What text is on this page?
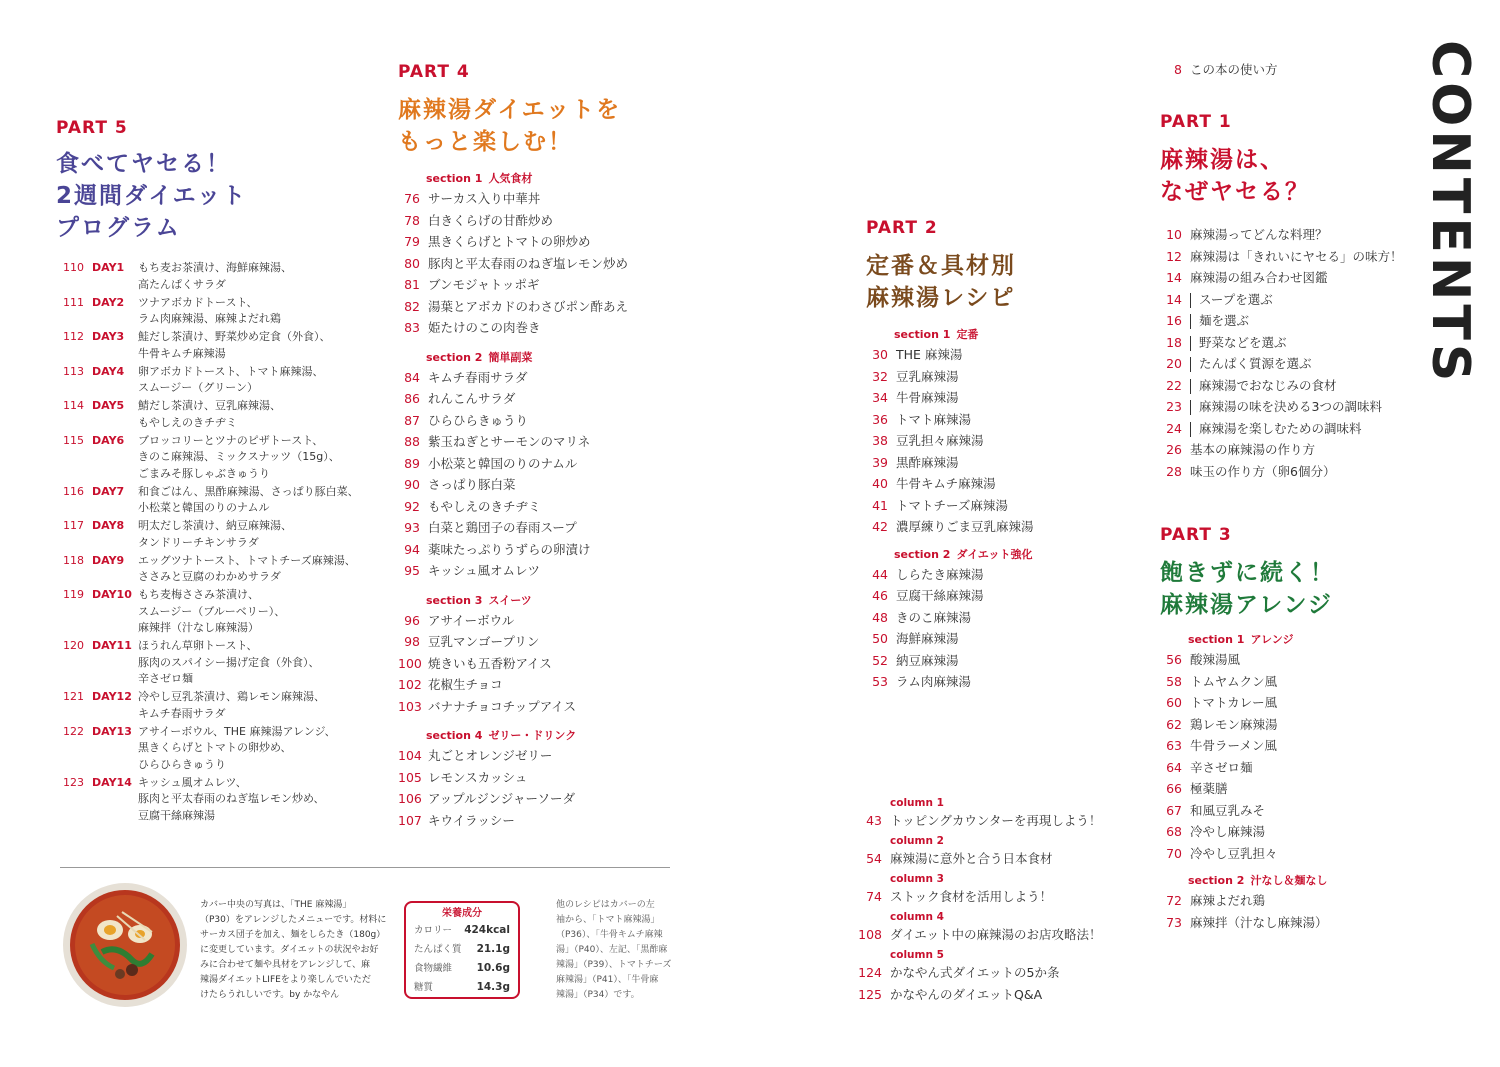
CONTENTS
8 この本の使い方
PART 1
麻辣湯は、
なぜヤセる？
10 麻辣湯ってどんな料理？
12 麻辣湯は「きれいにヤセる」の味方！
14 麻辣湯の組み合わせ図鑑
14 スープを選ぶ
16 麺を選ぶ
18 野菜などを選ぶ
20 たんぱく質源を選ぶ
22 麻辣湯でおなじみの食材
23 麻辣湯の味を決める3つの調味料
24 麻辣湯を楽しむための調味料
26 基本の麻辣湯の作り方
28 味玉の作り方（卵6個分）
PART 3
飽きずに続く！
麻辣湯アレンジ
section 1 アレンジ
56 酸辣湯風
58 トムヤムクン風
60 トマトカレー風
62 鶏レモン麻辣湯
63 牛骨ラーメン風
64 辛さゼロ麺
66 極薬膳
67 和風豆乳みそ
68 冷やし麻辣湯
70 冷やし豆乳担々
section 2 汁なし＆麺なし
72 麻辣よだれ鶏
73 麻辣拌（汁なし麻辣湯）
PART 2
定番＆具材別
麻辣湯レシピ
section 1 定番
30 THE 麻辣湯
32 豆乳麻辣湯
34 牛骨麻辣湯
36 トマト麻辣湯
38 豆乳担々麻辣湯
39 黒酢麻辣湯
40 牛骨キムチ麻辣湯
41 トマトチーズ麻辣湯
42 濃厚練りごま豆乳麻辣湯
section 2 ダイエット強化
44 しらたき麻辣湯
46 豆腐干絲麻辣湯
48 きのこ麻辣湯
50 海鮮麻辣湯
52 納豆麻辣湯
53 ラム肉麻辣湯
column 1
43 トッピングカウンターを再現しよう！
column 2
54 麻辣湯に意外と合う日本食材
column 3
74 ストック食材を活用しよう！
column 4
108 ダイエット中の麻辣湯のお店攻略法！
column 5
124 かなやん式ダイエットの5か条
125 かなやんのダイエットQ&A
PART 4
麻辣湯ダイエットを
もっと楽しむ！
section 1 人気食材
76 サーカス入り中華丼
78 白きくらげの甘酢炒め
79 黒きくらげとトマトの卵炒め
80 豚肉と平太春雨のねぎ塩レモン炒め
81 ブンモジャトッポギ
82 湯葉とアボカドのわさびポン酢あえ
83 姫たけのこの肉巻き
section 2 簡単副菜
84 キムチ春雨サラダ
86 れんこんサラダ
87 ひらひらきゅうり
88 紫玉ねぎとサーモンのマリネ
89 小松菜と韓国のりのナムル
90 さっぱり豚白菜
92 もやしえのきチヂミ
93 白菜と鶏団子の春雨スープ
94 薬味たっぷりうずらの卵漬け
95 キッシュ風オムレツ
section 3 スイーツ
96 アサイーボウル
98 豆乳マンゴープリン
100 焼きいも五香粉アイス
102 花椒生チョコ
103 バナナチョコチップアイス
section 4 ゼリー・ドリンク
104 丸ごとオレンジゼリー
105 レモンスカッシュ
106 アップルジンジャーソーダ
107 キウイラッシー
PART 5
食べてヤセる！
2週間ダイエット
プログラム
110 DAY1	もち麦お茶漬け、海鮮麻辣湯、
高たんぱくサラダ
111 DAY2	ツナアボカドトースト、
ラム肉麻辣湯、麻辣よだれ鶏
112 DAY3	鮭だし茶漬け、野菜炒め定食（外食）、
牛骨キムチ麻辣湯
113 DAY4	卵アボカドトースト、トマト麻辣湯、
スムージー（グリーン）
114 DAY5	鯖だし茶漬け、豆乳麻辣湯、
もやしえのきチヂミ
115 DAY6	ブロッコリーとツナのピザトースト、
きのこ麻辣湯、ミックスナッツ（15g）、
ごまみそ豚しゃぶきゅうり
116 DAY7	和食ごはん、黒酢麻辣湯、さっぱり豚白菜、
小松菜と韓国のりのナムル
117 DAY8	明太だし茶漬け、納豆麻辣湯、
タンドリーチキンサラダ
118 DAY9	エッグツナトースト、トマトチーズ麻辣湯、
ささみと豆腐のわかめサラダ
119 DAY10 もち麦梅ささみ茶漬け、
スムージー（ブルーベリー）、
麻辣拌（汁なし麻辣湯）
120 DAY11 ほうれん草卵トースト、
豚肉のスパイシー揚げ定食（外食）、
辛さゼロ麺
121 DAY12 冷やし豆乳茶漬け、鶏レモン麻辣湯、
キムチ春雨サラダ
122 DAY13 アサイーボウル、THE 麻辣湯アレンジ、
黒きくらげとトマトの卵炒め、
ひらひらきゅうり
123 DAY14 キッシュ風オムレツ、
豚肉と平太春雨のねぎ塩レモン炒め、
豆腐干絲麻辣湯
カバー中央の写真は、「THE 麻辣湯」
（P30）をアレンジしたメニューです。材料に
サーカス団子を加え、麺をしらたき（180g）
に変更しています。ダイエットの状況やお好
みに合わせて麺や具材をアレンジして、麻
辣湯ダイエットLIFEをより楽しんでいただ
けたらうれしいです。by かなやん
栄養成分
カロリー 424kcal
たんぱく質 21.1g
食物繊維 10.6g
糖質	14.3g
他のレシピはカバーの左
袖から、「トマト麻辣湯」
（P36）、「牛骨キムチ麻辣
湯」（P40）、左記、「黒酢麻
辣湯」（P39）、トマトチーズ
麻辣湯」（P41）、「牛骨麻
辣湯」（P34）です。
